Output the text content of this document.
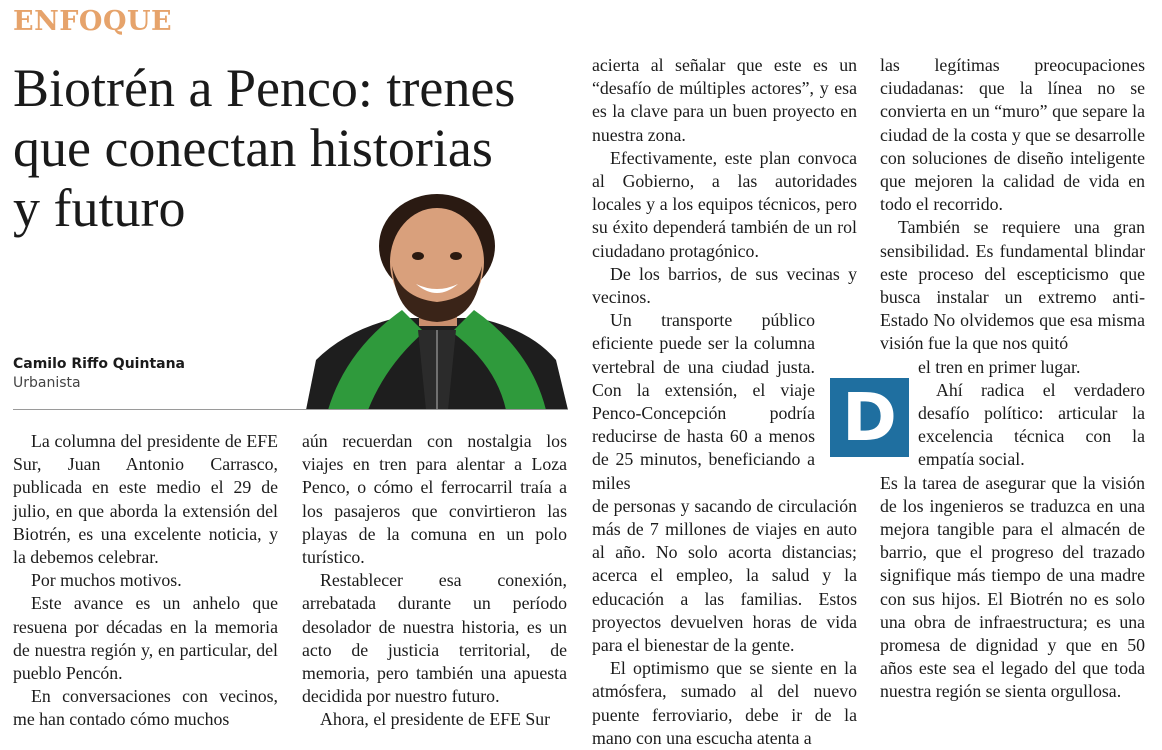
ENFOQUE
Biotrén a Penco: trenes
que conectan historias
y futuro
Camilo Riffo Quintana
Urbanista

La columna del presidente de EFE Sur, Juan Antonio Carrasco, publicada en este medio el 29 de julio, en que aborda la extensión del Biotrén, es una excelente noticia, y la debemos celebrar.

Por muchos motivos.

Este avance es un anhelo que resuena por décadas en la memoria de nuestra región y, en particular, del pueblo Pencón.

En conversaciones con vecinos, me han contado cómo muchos

aún recuerdan con nostalgia los viajes en tren para alentar a Loza Penco, o cómo el ferrocarril traía a los pasajeros que convirtieron las playas de la comuna en un polo turístico.

Restablecer esa conexión, arrebatada durante un período desolador de nuestra historia, es un acto de justicia territorial, de memoria, pero también una apuesta decidida por nuestro futuro.

Ahora, el presidente de EFE Sur

acierta al señalar que este es un “desafío de múltiples actores”, y esa es la clave para un buen proyecto en nuestra zona.

Efectivamente, este plan convoca al Gobierno, a las autoridades locales y a los equipos técnicos, pero su éxito dependerá también de un rol ciudadano protagónico.

De los barrios, de sus vecinas y vecinos.

Un transporte público eficiente puede ser la columna vertebral de una ciudad justa. Con la extensión, el viaje Penco-Concepción podría reducirse de hasta 60 a menos de 25 minutos, beneficiando a miles

de personas y sacando de circulación más de 7 millones de viajes en auto al año. No solo acorta distancias; acerca el empleo, la salud y la educación a las familias. Estos proyectos devuelven horas de vida para el bienestar de la gente.

El optimismo que se siente en la atmósfera, sumado al del nuevo puente ferroviario, debe ir de la mano con una escucha atenta a

las legítimas preocupaciones ciudadanas: que la línea no se convierta en un “muro” que separe la ciudad de la costa y que se desarrolle con soluciones de diseño inteligente que mejoren la calidad de vida en todo el recorrido.

También se requiere una gran sensibilidad. Es fundamental blindar este proceso del escepticismo que busca instalar un extremo anti-Estado No olvidemos que esa misma visión fue la que nos quitó

el tren en primer lugar.

Ahí radica el verdadero desafío político: articular la excelencia técnica con la empatía social.

Es la tarea de asegurar que la visión de los ingenieros se traduzca en una mejora tangible para el almacén de barrio, que el progreso del trazado signifique más tiempo de una madre con sus hijos. El Biotrén no es solo una obra de infraestructura; es una promesa de dignidad y que en 50 años este sea el legado del que toda nuestra región se sienta orgullosa.

D
